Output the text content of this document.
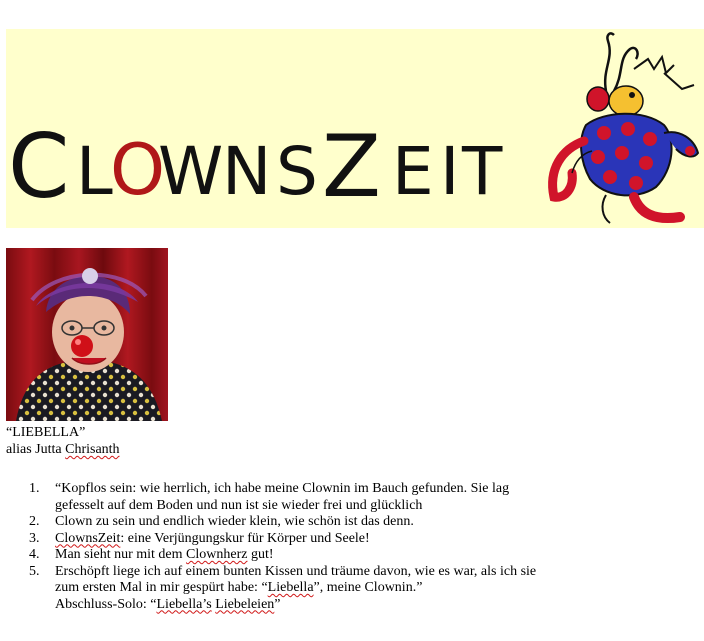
C L
O
W
N S Z E I T
“LIEBELLA”
alias Jutta Chrisanth
1. “Kopflos sein: wie herrlich, ich habe meine Clownin im Bauch gefunden. Sie lag
gefesselt auf dem Boden und nun ist sie wieder frei und glücklich
2. Clown zu sein und endlich wieder klein, wie schön ist das denn.
3. ClownsZeit: eine Verjüngungskur für Körper und Seele!
4. Man sieht nur mit dem Clownherz gut!
5. Erschöpft liege ich auf einem bunten Kissen und träume davon, wie es war, als ich sie
zum ersten Mal in mir gespürt habe: “Liebella”, meine Clownin.”
Abschluss-Solo: “Liebella’s Liebeleien”
